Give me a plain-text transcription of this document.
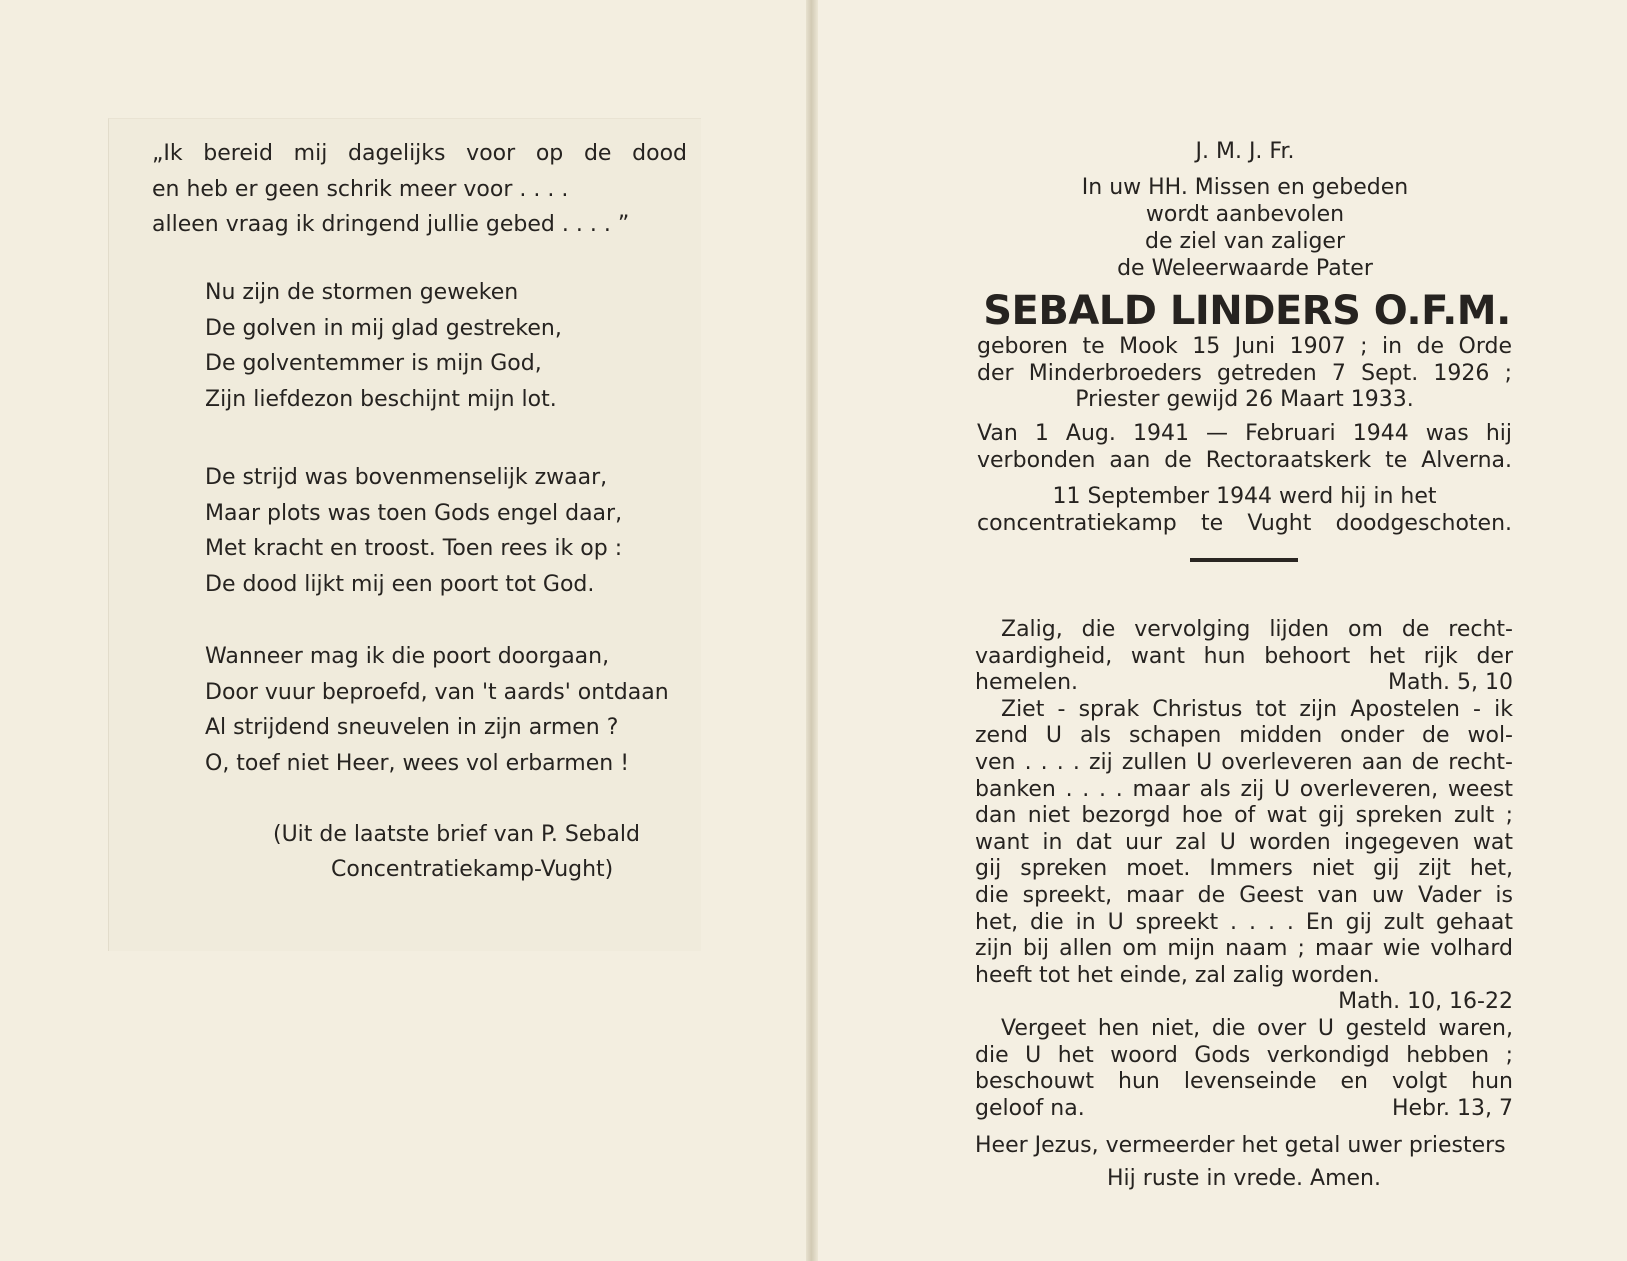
„Ik bereid mij dagelijks voor op de dood
en heb er geen schrik meer voor . . . .
alleen vraag ik dringend jullie gebed . . . . ”
Nu zijn de stormen geweken
De golven in mij glad gestreken,
De golventemmer is mijn God,
Zijn liefdezon beschijnt mijn lot.
De strijd was bovenmenselijk zwaar,
Maar plots was toen Gods engel daar,
Met kracht en troost. Toen rees ik op :
De dood lijkt mij een poort tot God.
Wanneer mag ik die poort doorgaan,
Door vuur beproefd, van 't aards' ontdaan
Al strijdend sneuvelen in zijn armen ?
O, toef niet Heer, wees vol erbarmen !
(Uit de laatste brief van P. Sebald
Concentratiekamp-Vught)
J. M. J. Fr.
In uw HH. Missen en gebeden
wordt aanbevolen
de ziel van zaliger
de Weleerwaarde Pater
SEBALD LINDERS O.F.M.
geboren te Mook 15 Juni 1907 ; in de Orde
der Minderbroeders getreden 7 Sept. 1926 ;
Priester gewijd 26 Maart 1933.
Van 1 Aug. 1941 — Februari 1944 was hij
verbonden aan de Rectoraatskerk te Alverna.
11 September 1944 werd hij in het
concentratiekamp te Vught doodgeschoten.
Zalig, die vervolging lijden om de recht-
vaardigheid, want hun behoort het rijk der
hemelen.	Math. 5, 10
Ziet - sprak Christus tot zijn Apostelen - ik
zend U als schapen midden onder de wol-
ven . . . . zij zullen U overleveren aan de recht-
banken . . . . maar als zij U overleveren, weest
dan niet bezorgd hoe of wat gij spreken zult ;
want in dat uur zal U worden ingegeven wat
gij spreken moet. Immers niet gij zijt het,
die spreekt, maar de Geest van uw Vader is
het, die in U spreekt . . . . En gij zult gehaat
zijn bij allen om mijn naam ; maar wie volhard
heeft tot het einde, zal zalig worden.
Math. 10, 16-22
Vergeet hen niet, die over U gesteld waren,
die U het woord Gods verkondigd hebben ;
beschouwt hun levenseinde en volgt hun
geloof na.	Hebr. 13, 7
Heer Jezus, vermeerder het getal uwer priesters
Hij ruste in vrede. Amen.
